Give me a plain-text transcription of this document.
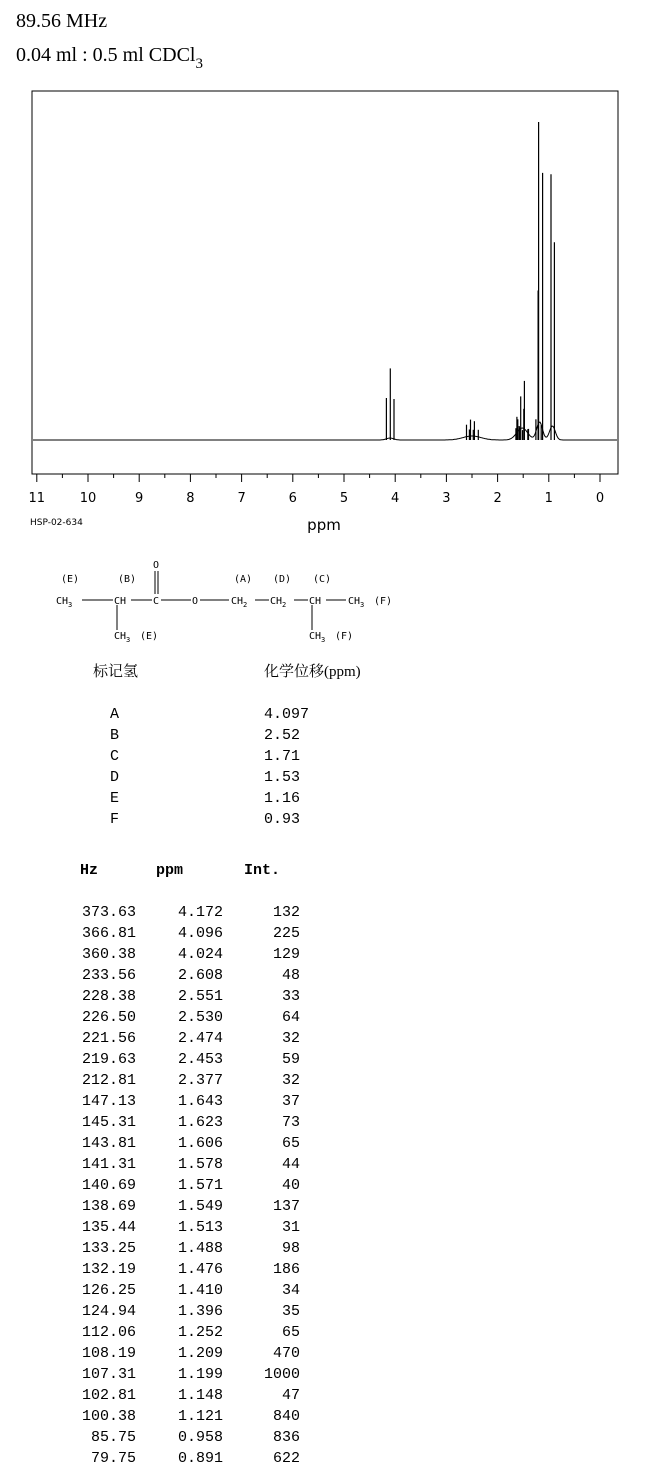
89.56 MHz
0.04 ml : 0.5 ml CDCl$_3$
11	10	9	8	7	6	5	4	3	2	1	0
ppm
HSP-02-634
(E)	(B)	(A) (D) (C)
O
$CH_3$	CH	C	O	$CH_2$ $CH_2$ CH	$CH_3$ (F)
$CH_3$ (E)	$CH_3$ (F)
标记氢	化学位移(ppm)
A	4.097
B	2.52
C	1.71
D	1.53
E	1.16
F	0.93
Hz	ppm	Int.
373.63	4.172	132
366.81	4.096	225
360.38	4.024	129
233.56	2.608	48
228.38	2.551	33
226.50	2.530	64
221.56	2.474	32
219.63	2.453	59
212.81	2.377	32
147.13	1.643	37
145.31	1.623	73
143.81	1.606	65
141.31	1.578	44
140.69	1.571	40
138.69	1.549	137
135.44	1.513	31
133.25	1.488	98
132.19	1.476	186
126.25	1.410	34
124.94	1.396	35
112.06	1.252	65
108.19	1.209	470
107.31	1.199	1000
102.81	1.148	47
100.38	1.121	840
85.75	0.958	836
79.75	0.891	622
